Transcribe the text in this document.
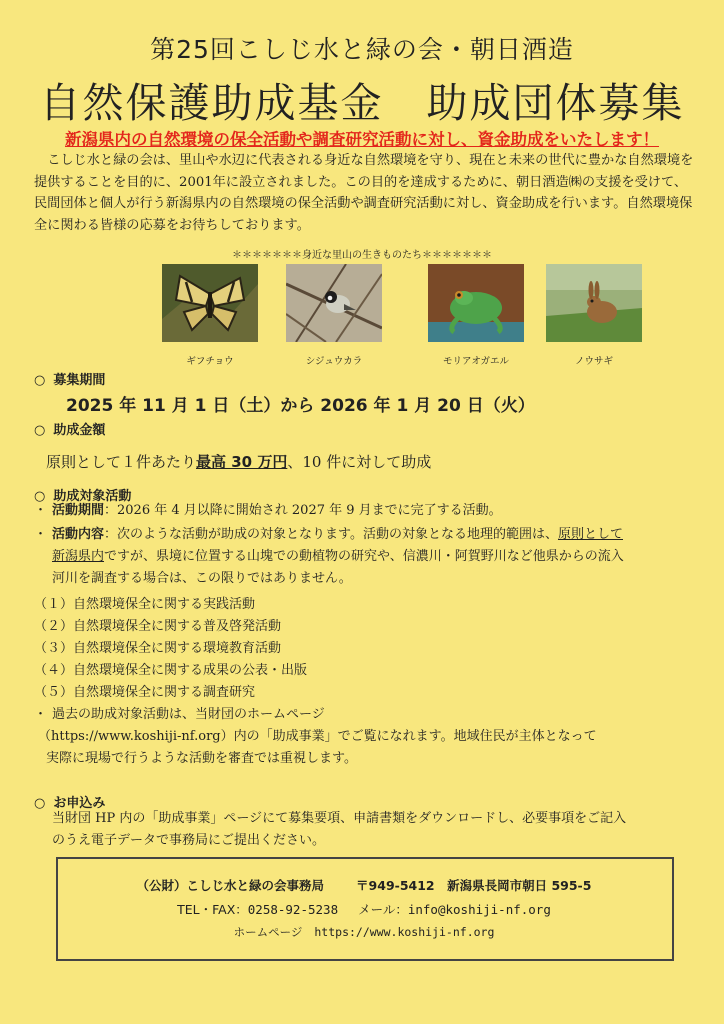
第25回こしじ水と緑の会・朝日酒造
自然保護助成基金　助成団体募集
新潟県内の自然環境の保全活動や調査研究活動に対し、資金助成をいたします！
こしじ水と緑の会は、里山や水辺に代表される身近な自然環境を守り、現在と未来の世代に豊かな自然環境を提供することを目的に、2001年に設立されました。この目的を達成するために、朝日酒造㈱の支援を受けて、民間団体と個人が行う新潟県内の自然環境の保全活動や調査研究活動に対し、資金助成を行います。自然環境保全に関わる皆様の応募をお待ちしております。
＊＊＊＊＊＊＊身近な里山の生きものたち＊＊＊＊＊＊＊
ギフチョウ	シジュウカラ	モリアオガエル	ノウサギ
○ 募集期間
2025 年 11 月 1 日（土）から 2026 年 1 月 20 日（火）
○ 助成金額
原則として１件あたり最高 30 万円、10 件に対して助成
○ 助成対象活動
・ 活動期間：2026 年 4 月以降に開始され 2027 年 9 月までに完了する活動。
・ 活動内容：次のような活動が助成の対象となります。活動の対象となる地理的範囲は、原則として
新潟県内ですが、県境に位置する山塊での動植物の研究や、信濃川・阿賀野川など他県からの流入
河川を調査する場合は、この限りではありません。
（１）自然環境保全に関する実践活動
（２）自然環境保全に関する普及啓発活動
（３）自然環境保全に関する環境教育活動
（４）自然環境保全に関する成果の公表・出版
（５）自然環境保全に関する調査研究
・ 過去の助成対象活動は、当財団のホームページ
（https://www.koshiji-nf.org）内の「助成事業」でご覧になれます。地域住民が主体となって
実際に現場で行うような活動を審査では重視します。
○ お申込み
当財団 HP 内の「助成事業」ページにて募集要項、申請書類をダウンロードし、必要事項をご記入
のうえ電子データで事務局にご提出ください。
（公財）こしじ水と緑の会事務局	〒949-5412　新潟県長岡市朝日 595-5
TEL・FAX：0258-92-5238 メール：info@koshiji-nf.org
ホームページ https://www.koshiji-nf.org
